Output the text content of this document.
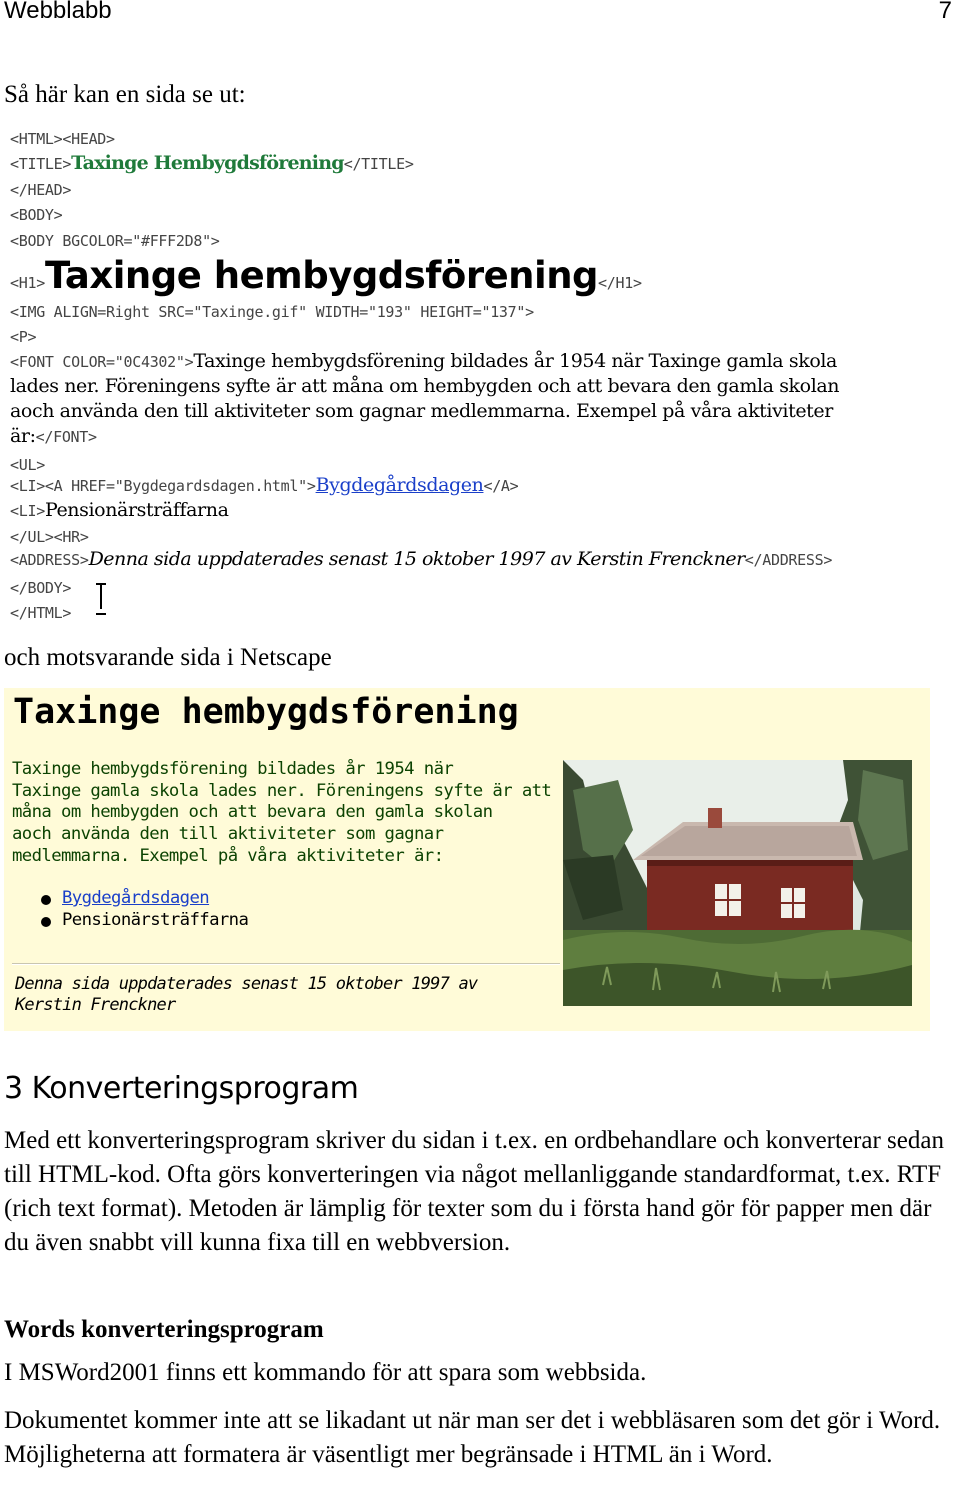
Webblabb	7
Så här kan en sida se ut:
<HTML><HEAD>
<TITLE>Taxinge Hembygdsförening</TITLE>
</HEAD>
<BODY>
<BODY BGCOLOR="#FFF2D8">
<H1>Taxinge hembygdsförening</H1>
<IMG ALIGN=Right SRC="Taxinge.gif" WIDTH="193" HEIGHT="137">
<P>
<FONT COLOR="0C4302">Taxinge hembygdsförening bildades år 1954 när Taxinge gamla skola
lades ner. Föreningens syfte är att måna om hembygden och att bevara den gamla skolan
aoch använda den till aktiviteter som gagnar medlemmarna. Exempel på våra aktiviteter
är:</FONT>
<UL>
<LI><A HREF="Bygdegardsdagen.html">Bygdegårdsdagen</A>
<LI>Pensionärsträffarna
</UL><HR>
<ADDRESS>Denna sida uppdaterades senast 15 oktober 1997 av Kerstin Frenckner</ADDRESS>
</BODY>
</HTML>
och motsvarande sida i Netscape
Taxinge hembygdsförening
Taxinge hembygdsförening bildades år 1954 när
Taxinge gamla skola lades ner. Föreningens syfte är att
måna om hembygden och att bevara den gamla skolan
aoch använda den till aktiviteter som gagnar
medlemmarna. Exempel på våra aktiviteter är:
Bygdegårdsdagen
Pensionärsträffarna
Denna sida uppdaterades senast 15 oktober 1997 av
Kerstin Frenckner
3 Konverteringsprogram
Med ett konverteringsprogram skriver du sidan i t.ex. en ordbehandlare och konverterar sedan till HTML-kod. Ofta görs konverteringen via något mellanliggande standardformat, t.ex. RTF (rich text format). Metoden är lämplig för texter som du i första hand gör för papper men där du även snabbt vill kunna fixa till en webbversion.
Words konverteringsprogram
I MSWord2001 finns ett kommando för att spara som webbsida.
Dokumentet kommer inte att se likadant ut när man ser det i webbläsaren som det gör i Word. Möjligheterna att formatera är väsentligt mer begränsade i HTML än i Word.
